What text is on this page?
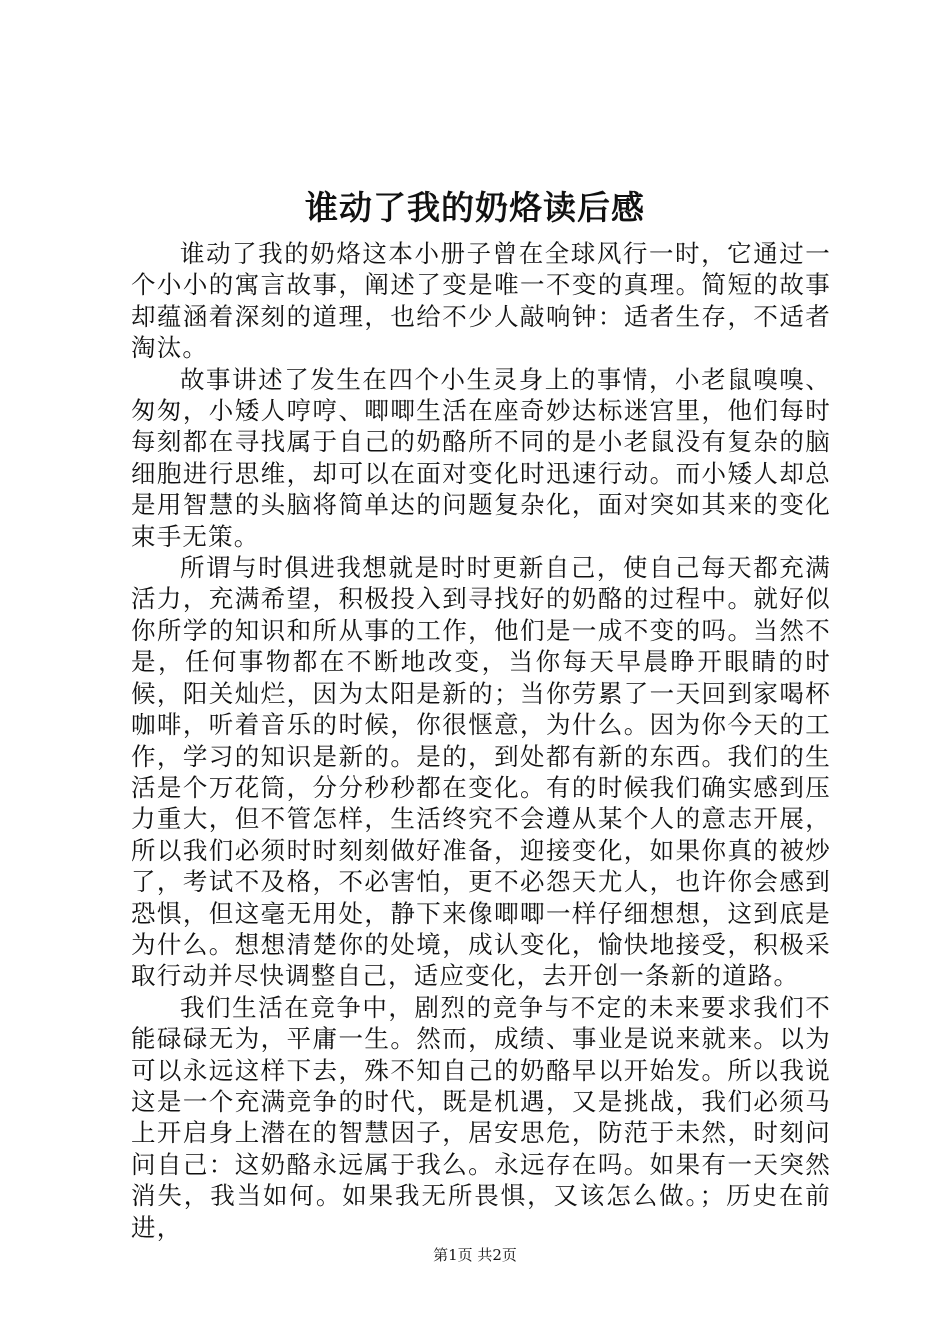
谁动了我的奶烙读后感

谁动了我的奶烙这本小册子曾在全球风行一时，它通过一个小小的寓言故事，阐述了变是唯一不变的真理。简短的故事却蕴涵着深刻的道理，也给不少人敲响钟：适者生存，不适者淘汰。

故事讲述了发生在四个小生灵身上的事情，小老鼠嗅嗅、匆匆，小矮人哼哼、唧唧生活在座奇妙达标迷宫里，他们每时每刻都在寻找属于自己的奶酪所不同的是小老鼠没有复杂的脑细胞进行思维，却可以在面对变化时迅速行动。而小矮人却总是用智慧的头脑将简单达的问题复杂化，面对突如其来的变化束手无策。

所谓与时俱进我想就是时时更新自己，使自己每天都充满活力，充满希望，积极投入到寻找好的奶酪的过程中。就好似你所学的知识和所从事的工作，他们是一成不变的吗。当然不是，任何事物都在不断地改变，当你每天早晨睁开眼睛的时候，阳关灿烂，因为太阳是新的；当你劳累了一天回到家喝杯咖啡，听着音乐的时候，你很惬意，为什么。因为你今天的工作，学习的知识是新的。是的，到处都有新的东西。我们的生活是个万花筒，分分秒秒都在变化。有的时候我们确实感到压力重大，但不管怎样，生活终究不会遵从某个人的意志开展，所以我们必须时时刻刻做好准备，迎接变化，如果你真的被炒了，考试不及格，不必害怕，更不必怨天尤人，也许你会感到恐惧，但这毫无用处，静下来像唧唧一样仔细想想，这到底是为什么。想想清楚你的处境，成认变化，愉快地接受，积极采取行动并尽快调整自己，适应变化，去开创一条新的道路。

我们生活在竞争中，剧烈的竞争与不定的未来要求我们不能碌碌无为，平庸一生。然而，成绩、事业是说来就来。以为可以永远这样下去，殊不知自己的奶酪早以开始发。所以我说这是一个充满竞争的时代，既是机遇，又是挑战，我们必须马上开启身上潜在的智慧因子，居安思危，防范于未然，时刻问问自己：这奶酪永远属于我么。永远存在吗。如果有一天突然消失，我当如何。如果我无所畏惧，又该怎么做。；历史在前进，

第1页 共2页
